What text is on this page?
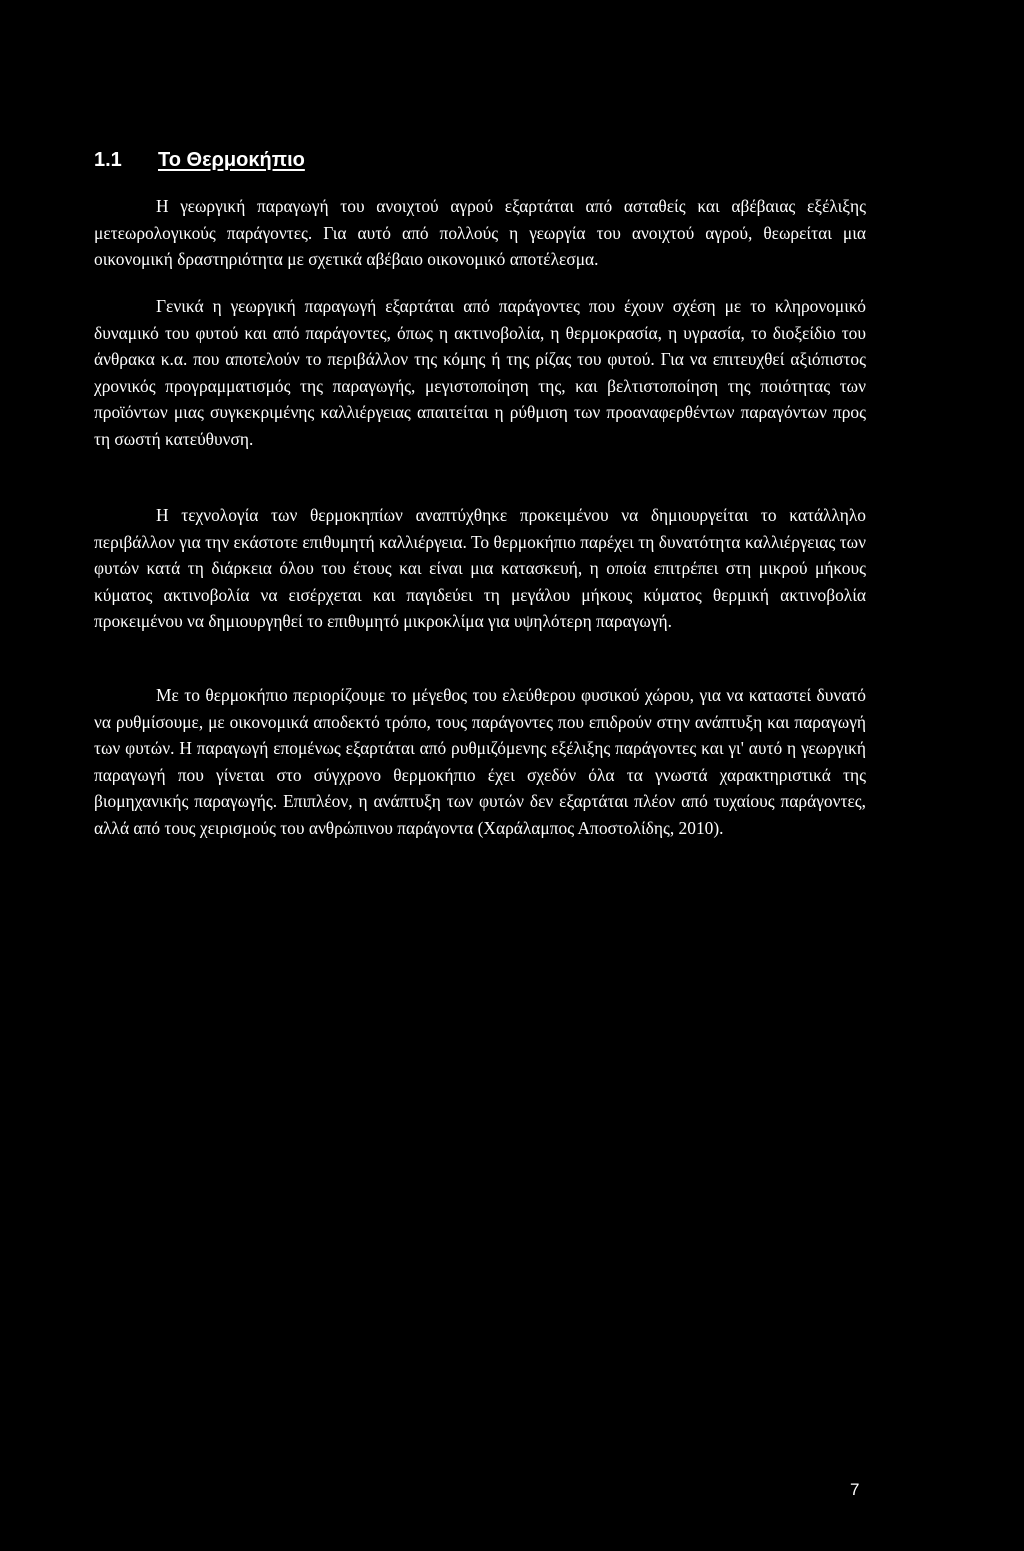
1.1 Το Θερμοκήπιο

Η γεωργική παραγωγή του ανοιχτού αγρού εξαρτάται από ασταθείς και αβέβαιας εξέλιξης μετεωρολογικούς παράγοντες. Για αυτό από πολλούς η γεωργία του ανοιχτού αγρού, θεωρείται μια οικονομική δραστηριότητα με σχετικά αβέβαιο οικονομικό αποτέλεσμα.

Γενικά η γεωργική παραγωγή εξαρτάται από παράγοντες που έχουν σχέση με το κληρονομικό δυναμικό του φυτού και από παράγοντες, όπως η ακτινοβολία, η θερμοκρασία, η υγρασία, το διοξείδιο του άνθρακα κ.α. που αποτελούν το περιβάλλον της κόμης ή της ρίζας του φυτού. Για να επιτευχθεί αξιόπιστος χρονικός προγραμματισμός της παραγωγής, μεγιστοποίηση της, και βελτιστοποίηση της ποιότητας των προϊόντων μιας συγκεκριμένης καλλιέργειας απαιτείται η ρύθμιση των προαναφερθέντων παραγόντων προς τη σωστή κατεύθυνση.

Η τεχνολογία των θερμοκηπίων αναπτύχθηκε προκειμένου να δημιουργείται το κατάλληλο περιβάλλον για την εκάστοτε επιθυμητή καλλιέργεια. Το θερμοκήπιο παρέχει τη δυνατότητα καλλιέργειας των φυτών κατά τη διάρκεια όλου του έτους και είναι μια κατασκευή, η οποία επιτρέπει στη μικρού μήκους κύματος ακτινοβολία να εισέρχεται και παγιδεύει τη μεγάλου μήκους κύματος θερμική ακτινοβολία προκειμένου να δημιουργηθεί το επιθυμητό μικροκλίμα για υψηλότερη παραγωγή.

Με το θερμοκήπιο περιορίζουμε το μέγεθος του ελεύθερου φυσικού χώρου, για να καταστεί δυνατό να ρυθμίσουμε, με οικονομικά αποδεκτό τρόπο, τους παράγοντες που επιδρούν στην ανάπτυξη και παραγωγή των φυτών. Η παραγωγή επομένως εξαρτάται από ρυθμιζόμενης εξέλιξης παράγοντες και γι' αυτό η γεωργική παραγωγή που γίνεται στο σύγχρονο θερμοκήπιο έχει σχεδόν όλα τα γνωστά χαρακτηριστικά της βιομηχανικής παραγωγής. Επιπλέον, η ανάπτυξη των φυτών δεν εξαρτάται πλέον από τυχαίους παράγοντες, αλλά από τους χειρισμούς του ανθρώπινου παράγοντα (Χαράλαμπος Αποστολίδης, 2010).

7
